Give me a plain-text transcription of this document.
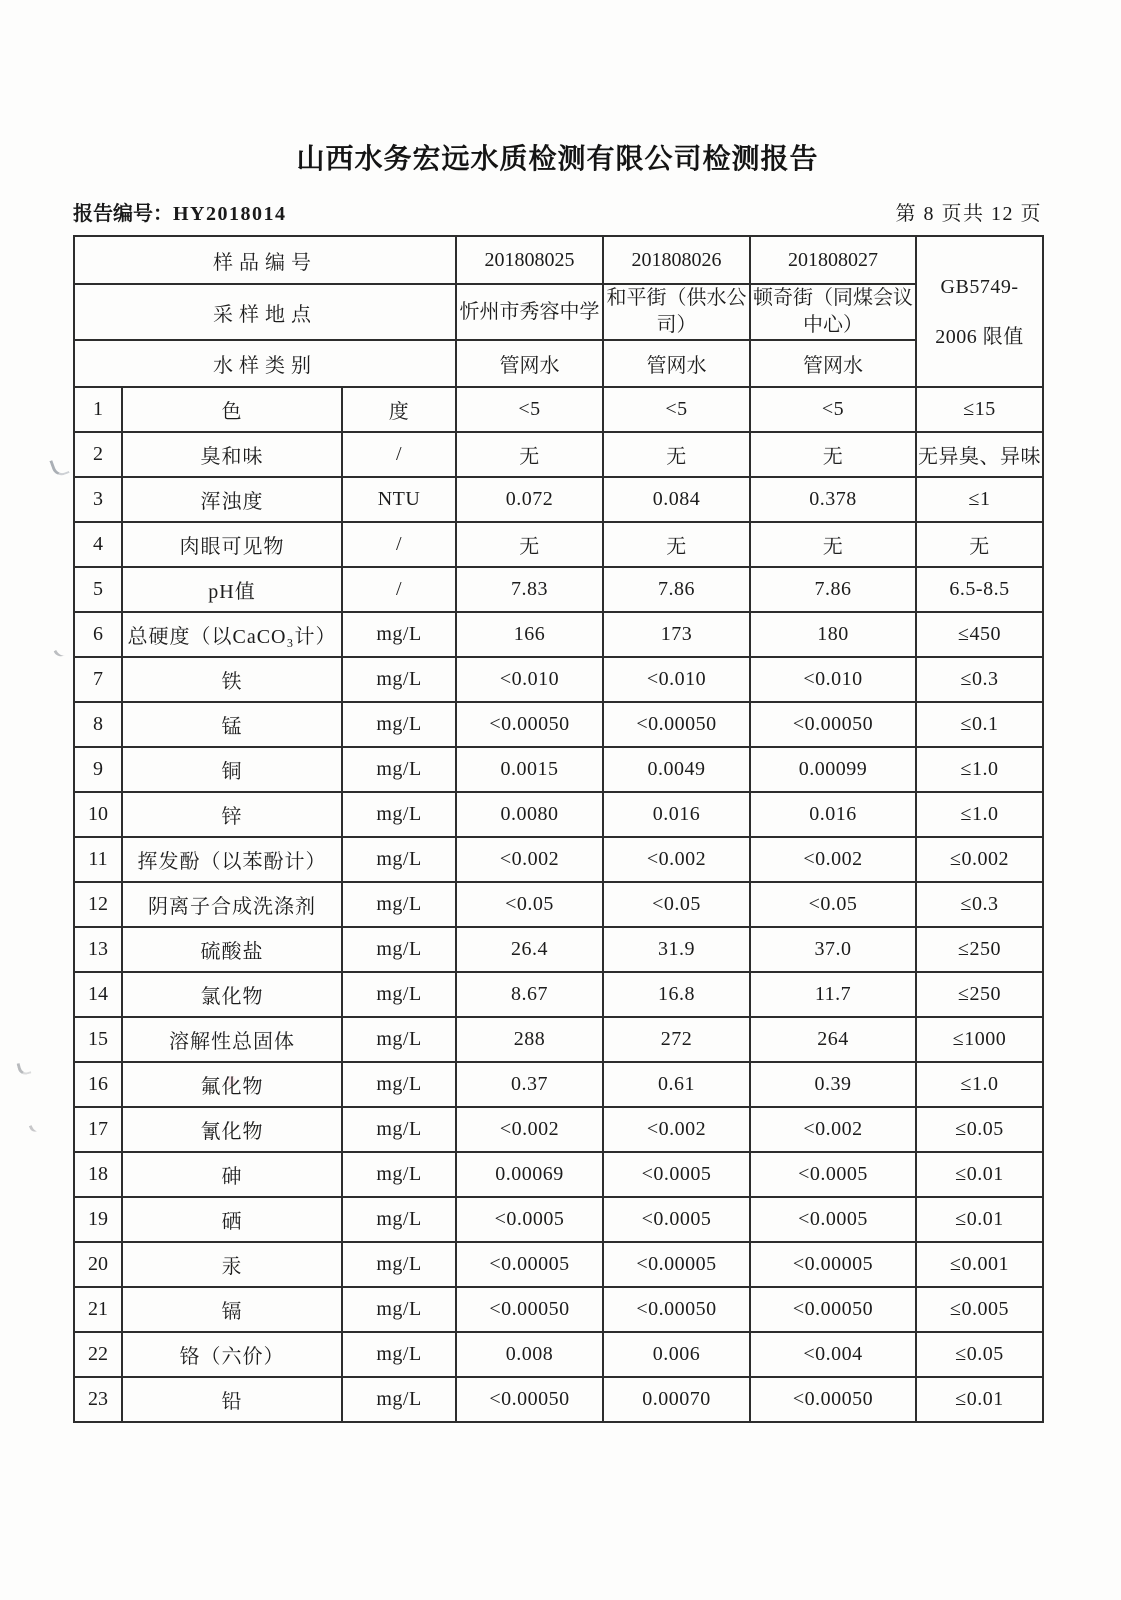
山西水务宏远水质检测有限公司检测报告
报告编号：HY2018014	第 8 页共 12 页
样品编号			201808025	201808026	201808027	GB5749-
2006 限值

采样地点			忻州市秀容中学	和平街（供水公司）	顿奇街（同煤会议中心）	
水样类别			管网水	管网水	管网水	
1	色	度	<5	<5	<5	≤15
2	臭和味	/	无	无	无	无异臭、异味
3	浑浊度	NTU	0.072	0.084	0.378	≤1
4	肉眼可见物	/	无	无	无	无
5	pH值	/	7.83	7.86	7.86	6.5-8.5
6	总硬度（以CaCO₃计）	mg/L	166	173	180	≤450
7	铁	mg/L	<0.010	<0.010	<0.010	≤0.3
8	锰	mg/L	<0.00050	<0.00050	<0.00050	≤0.1
9	铜	mg/L	0.0015	0.0049	0.00099	≤1.0
10	锌	mg/L	0.0080	0.016	0.016	≤1.0
11	挥发酚（以苯酚计）	mg/L	<0.002	<0.002	<0.002	≤0.002
12	阴离子合成洗涤剂	mg/L	<0.05	<0.05	<0.05	≤0.3
13	硫酸盐	mg/L	26.4	31.9	37.0	≤250
14	氯化物	mg/L	8.67	16.8	11.7	≤250
15	溶解性总固体	mg/L	288	272	264	≤1000
16	氟化物	mg/L	0.37	0.61	0.39	≤1.0
17	氰化物	mg/L	<0.002	<0.002	<0.002	≤0.05
18	砷	mg/L	0.00069	<0.0005	<0.0005	≤0.01
19	硒	mg/L	<0.0005	<0.0005	<0.0005	≤0.01
20	汞	mg/L	<0.00005	<0.00005	<0.00005	≤0.001
21	镉	mg/L	<0.00050	<0.00050	<0.00050	≤0.005
22	铬（六价）	mg/L	0.008	0.006	<0.004	≤0.05
23	铅	mg/L	<0.00050	0.00070	<0.00050	≤0.01
